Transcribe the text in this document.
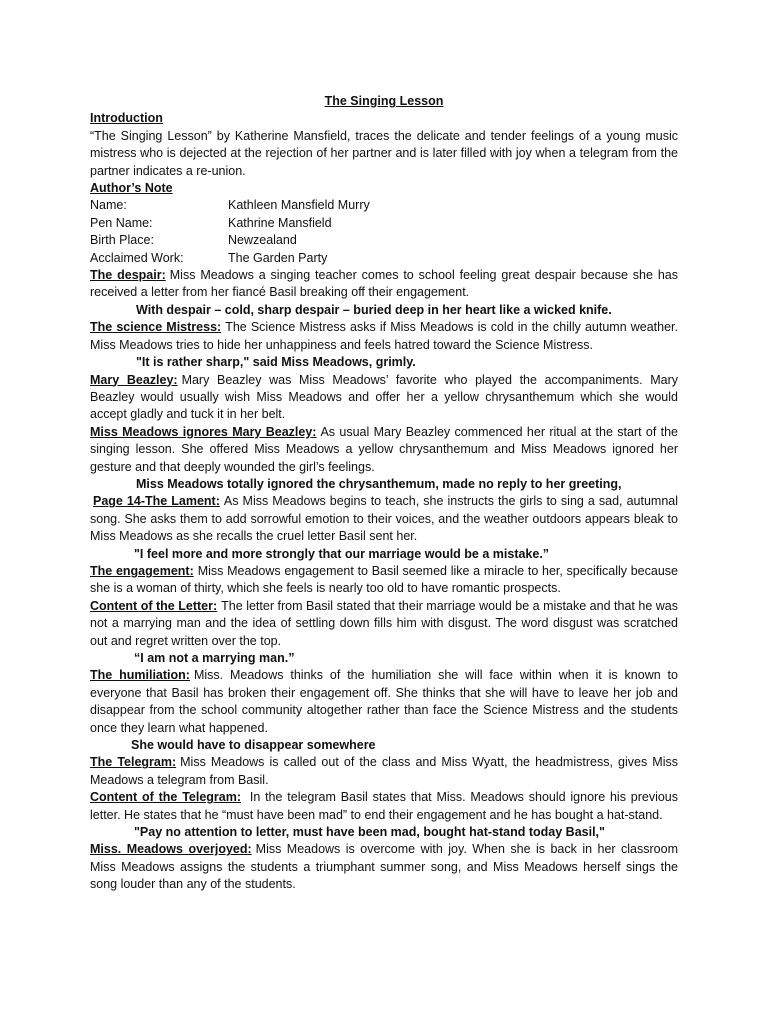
The Singing Lesson

Introduction

“The Singing Lesson” by Katherine Mansfield, traces the delicate and tender feelings of a young music mistress who is dejected at the rejection of her partner and is later filled with joy when a telegram from the partner indicates a re-union.

Author’s Note

Name:	Kathleen Mansfield Murry
Pen Name:	Kathrine Mansfield
Birth Place:	Newzealand
Acclaimed Work:	The Garden Party

The despair: Miss Meadows a singing teacher comes to school feeling great despair because she has received a letter from her fiancé Basil breaking off their engagement.

With despair – cold, sharp despair – buried deep in her heart like a wicked knife.

The science Mistress: The Science Mistress asks if Miss Meadows is cold in the chilly autumn weather. Miss Meadows tries to hide her unhappiness and feels hatred toward the Science Mistress.

"It is rather sharp," said Miss Meadows, grimly.

Mary Beazley: Mary Beazley was Miss Meadows’ favorite who played the accompaniments. Mary Beazley would usually wish Miss Meadows and offer her a yellow chrysanthemum which she would accept gladly and tuck it in her belt.

Miss Meadows ignores Mary Beazley: As usual Mary Beazley commenced her ritual at the start of the singing lesson. She offered Miss Meadows a yellow chrysanthemum and Miss Meadows ignored her gesture and that deeply wounded the girl’s feelings.

Miss Meadows totally ignored the chrysanthemum, made no reply to her greeting,

Page 14-The Lament: As Miss Meadows begins to teach, she instructs the girls to sing a sad, autumnal song. She asks them to add sorrowful emotion to their voices, and the weather outdoors appears bleak to Miss Meadows as she recalls the cruel letter Basil sent her.

"I feel more and more strongly that our marriage would be a mistake.”

The engagement: Miss Meadows engagement to Basil seemed like a miracle to her, specifically because she is a woman of thirty, which she feels is nearly too old to have romantic prospects.

Content of the Letter: The letter from Basil stated that their marriage would be a mistake and that he was not a marrying man and the idea of settling down fills him with disgust. The word disgust was scratched out and regret written over the top.

“I am not a marrying man.”

The humiliation: Miss. Meadows thinks of the humiliation she will face within when it is known to everyone that Basil has broken their engagement off. She thinks that she will have to leave her job and disappear from the school community altogether rather than face the Science Mistress and the students once they learn what happened.

She would have to disappear somewhere

The Telegram: Miss Meadows is called out of the class and Miss Wyatt, the headmistress, gives Miss Meadows a telegram from Basil.

Content of the Telegram: In the telegram Basil states that Miss. Meadows should ignore his previous letter. He states that he “must have been mad” to end their engagement and he has bought a hat-stand.

"Pay no attention to letter, must have been mad, bought hat-stand today Basil,"

Miss. Meadows overjoyed: Miss Meadows is overcome with joy. When she is back in her classroom Miss Meadows assigns the students a triumphant summer song, and Miss Meadows herself sings the song louder than any of the students.
